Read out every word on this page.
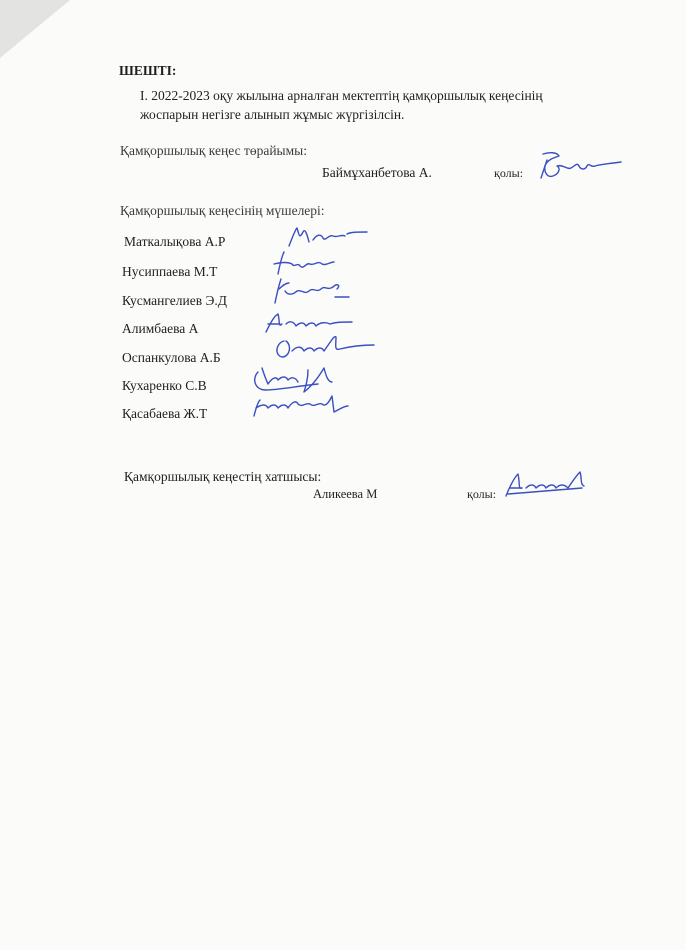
ШЕШТІ:
І. 2022-2023 оқу жылына арналған мектептің қамқоршылық кеңесінің
жоспарын негізге алынып жұмыс жүргізілсін.
Қамқоршылық кеңес төрайымы:
Баймұханбетова А.	қолы:
Қамқоршылық кеңесінің мүшелері:
Маткалықова А.Р
Нусиппаева М.Т
Кусмангелиев Э.Д
Алимбаева А
Оспанкулова А.Б
Кухаренко С.В
Қасабаева Ж.Т
Қамқоршылық кеңестің хатшысы:
Аликеева М	қолы:
